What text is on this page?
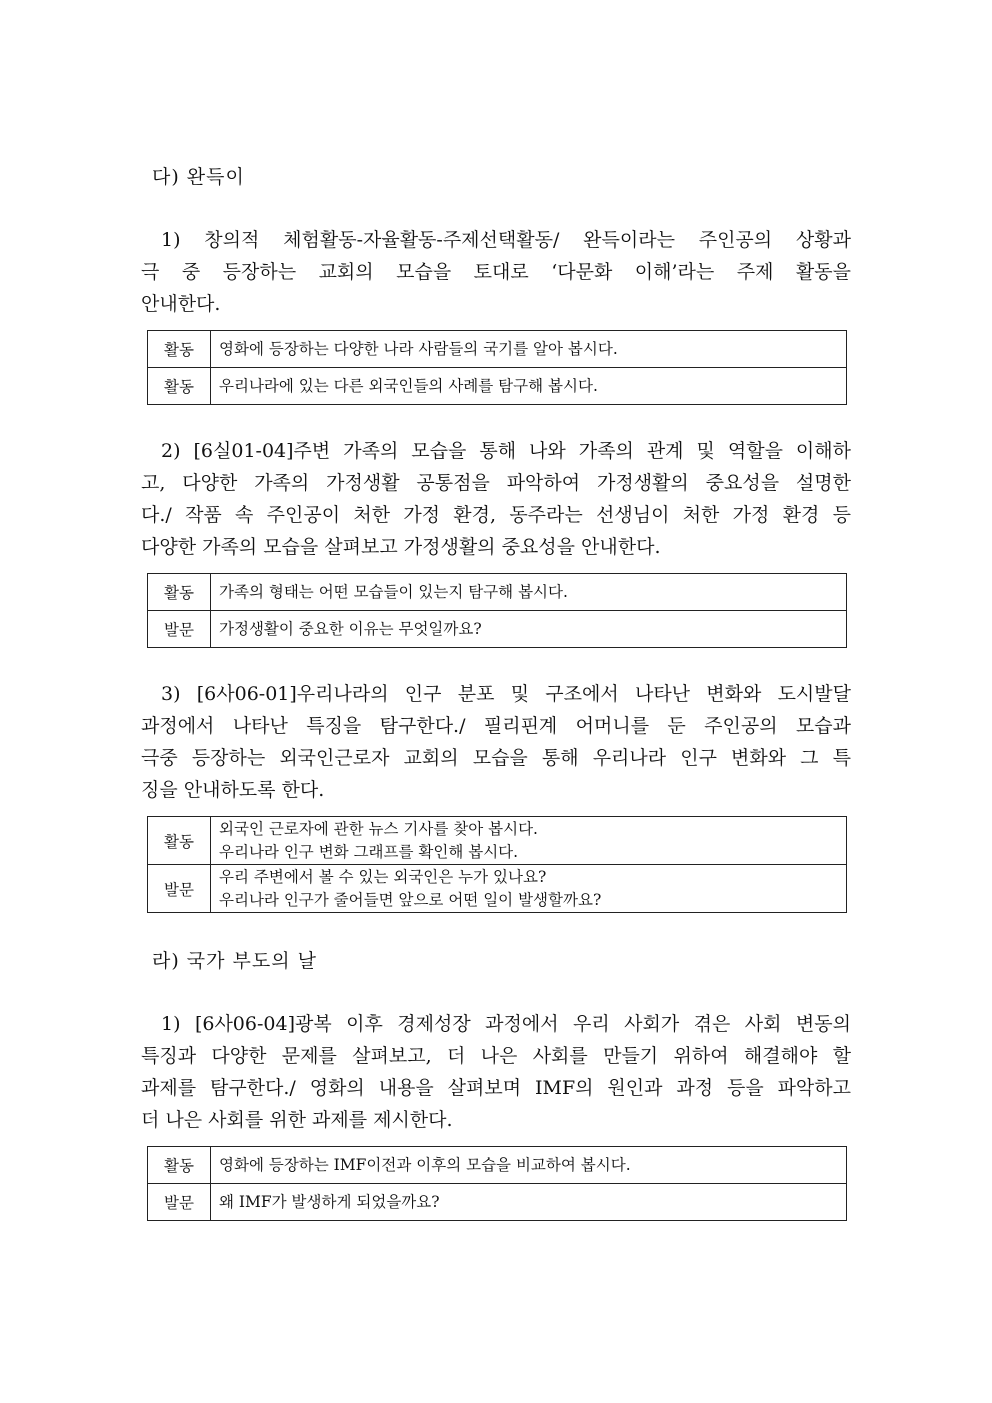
다) 완득이
1) 창의적 체험활동-자율활동-주제선택활동/ 완득이라는 주인공의 상황과
극 중 등장하는 교회의 모습을 토대로 ‘다문화 이해’라는 주제 활동을
안내한다.
활동	영화에 등장하는 다양한 나라 사람들의 국기를 알아 봅시다.

활동	우리나라에 있는 다른 외국인들의 사례를 탐구해 봅시다.
2) [6실01-04]주변 가족의 모습을 통해 나와 가족의 관계 및 역할을 이해하
고, 다양한 가족의 가정생활 공통점을 파악하여 가정생활의 중요성을 설명한
다./ 작품 속 주인공이 처한 가정 환경, 동주라는 선생님이 처한 가정 환경 등
다양한 가족의 모습을 살펴보고 가정생활의 중요성을 안내한다.
활동	가족의 형태는 어떤 모습들이 있는지 탐구해 봅시다.

발문	가정생활이 중요한 이유는 무엇일까요?
3) [6사06-01]우리나라의 인구 분포 및 구조에서 나타난 변화와 도시발달
과정에서 나타난 특징을 탐구한다./ 필리핀계 어머니를 둔 주인공의 모습과
극중 등장하는 외국인근로자 교회의 모습을 통해 우리나라 인구 변화와 그 특
징을 안내하도록 한다.
활동	외국인 근로자에 관한 뉴스 기사를 찾아 봅시다.
우리나라 인구 변화 그래프를 확인해 봅시다.

발문	우리 주변에서 볼 수 있는 외국인은 누가 있나요?
우리나라 인구가 줄어들면 앞으로 어떤 일이 발생할까요?
라) 국가 부도의 날
1) [6사06-04]광복 이후 경제성장 과정에서 우리 사회가 겪은 사회 변동의
특징과 다양한 문제를 살펴보고, 더 나은 사회를 만들기 위하여 해결해야 할
과제를 탐구한다./ 영화의 내용을 살펴보며 IMF의 원인과 과정 등을 파악하고
더 나은 사회를 위한 과제를 제시한다.
활동	영화에 등장하는 IMF이전과 이후의 모습을 비교하여 봅시다.

발문	왜 IMF가 발생하게 되었을까요?
